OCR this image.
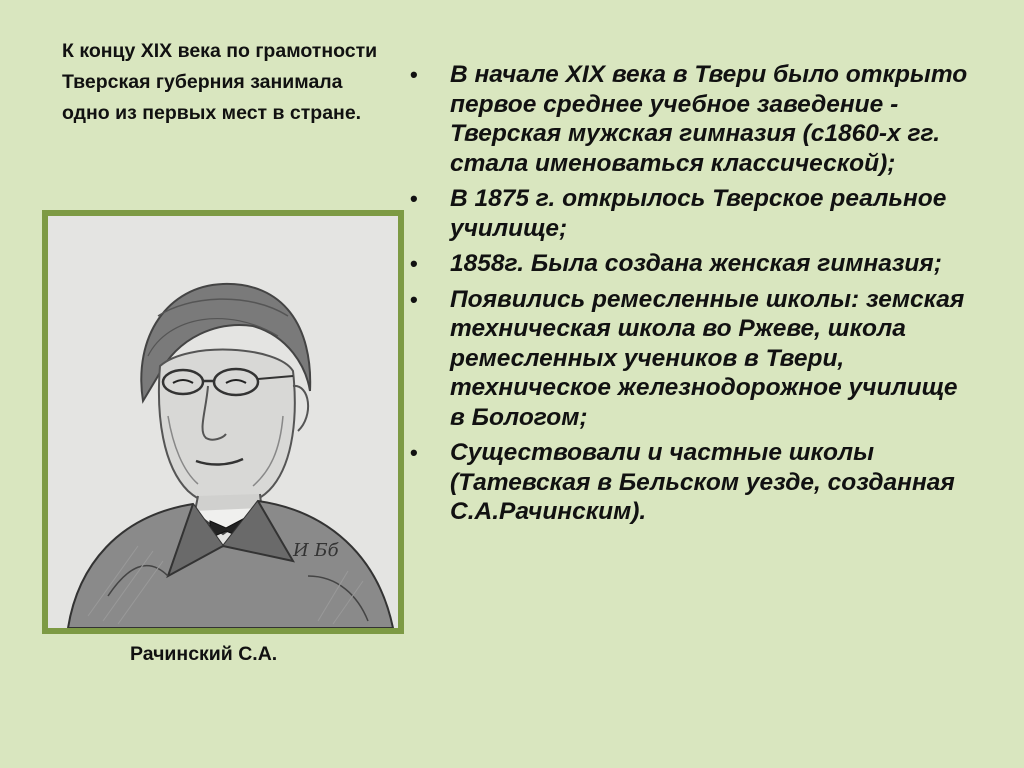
К концу XIX века по грамотности Тверская губерния занимала одно из первых мест в стране.

И Бб

Рачинский С.А.

• В начале XIX века в Твери было открыто первое среднее учебное заведение - Тверская мужская гимназия (с1860-х гг. стала именоваться классической);
• В 1875 г. открылось Тверское реальное училище;
• 1858г. Была создана женская гимназия;
• Появились ремесленные школы: земская техническая школа во Ржеве, школа ремесленных учеников в Твери, техническое железнодорожное училище в Бологом;
• Существовали и частные школы (Татевская в Бельском уезде, созданная С.А.Рачинским).
